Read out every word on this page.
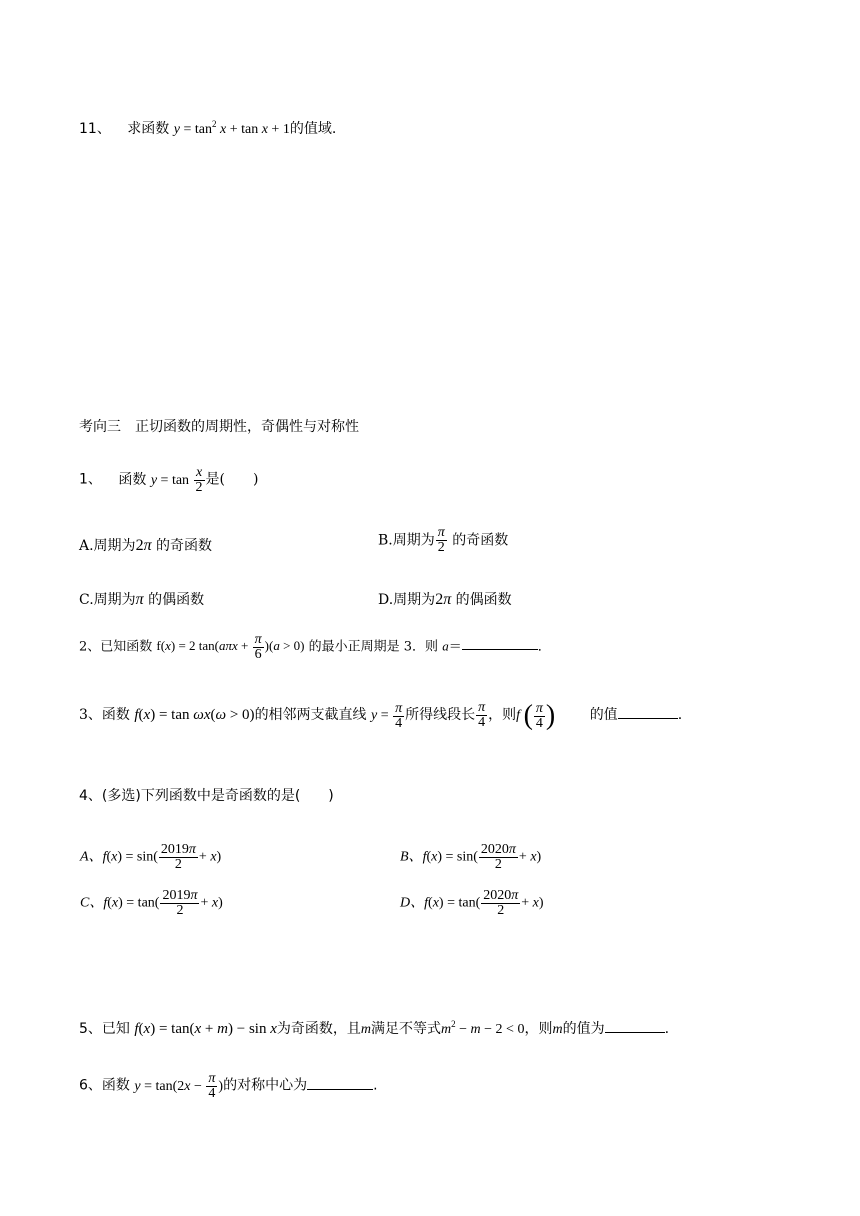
11、 求函数 $y = \tan^2 x + \tan x + 1$的值域.
考向三　正切函数的周期性，奇偶性与对称性
1、 函数 $y = \tan \frac{x}{2}$ 是(　　)
A.周期为2π 的奇函数	B.周期为 $\frac{\pi}{2}$ 的奇函数
C.周期为π 的偶函数	D.周期为2π 的偶函数
2、已知函数 f(x) = 2 $\tan(a\pi x + \frac{\pi}{6} )(a > 0)$ 的最小正周期是 3．则 a＝	．
3、函数 f(x) = tan ωx(ω > 0)的相邻两支截直线 $y = \frac{\pi}{4}$ 所得线段长 $\frac{\pi}{4}$ ，则f ( $\frac{\pi}{4}$ ) 的值	.
4、(多选)下列函数中是奇函数的是(　　)
A、$f(x) = \sin( \frac{2019\pi}{2} + x)$	B、$f(x) = \sin( \frac{2020\pi}{2} + x)$
C、$f(x) = \tan( \frac{2019\pi}{2} + x)$	D、$f(x) = \tan( \frac{2020\pi}{2} + x)$
5、已知 f(x) = tan(x + m) − sin x为奇函数，且m满足不等式$m^2 - m - 2 < 0$，则m的值为	.
6、函数 $y = \tan(2x - \frac{\pi}{4}$ )的对称中心为	.
